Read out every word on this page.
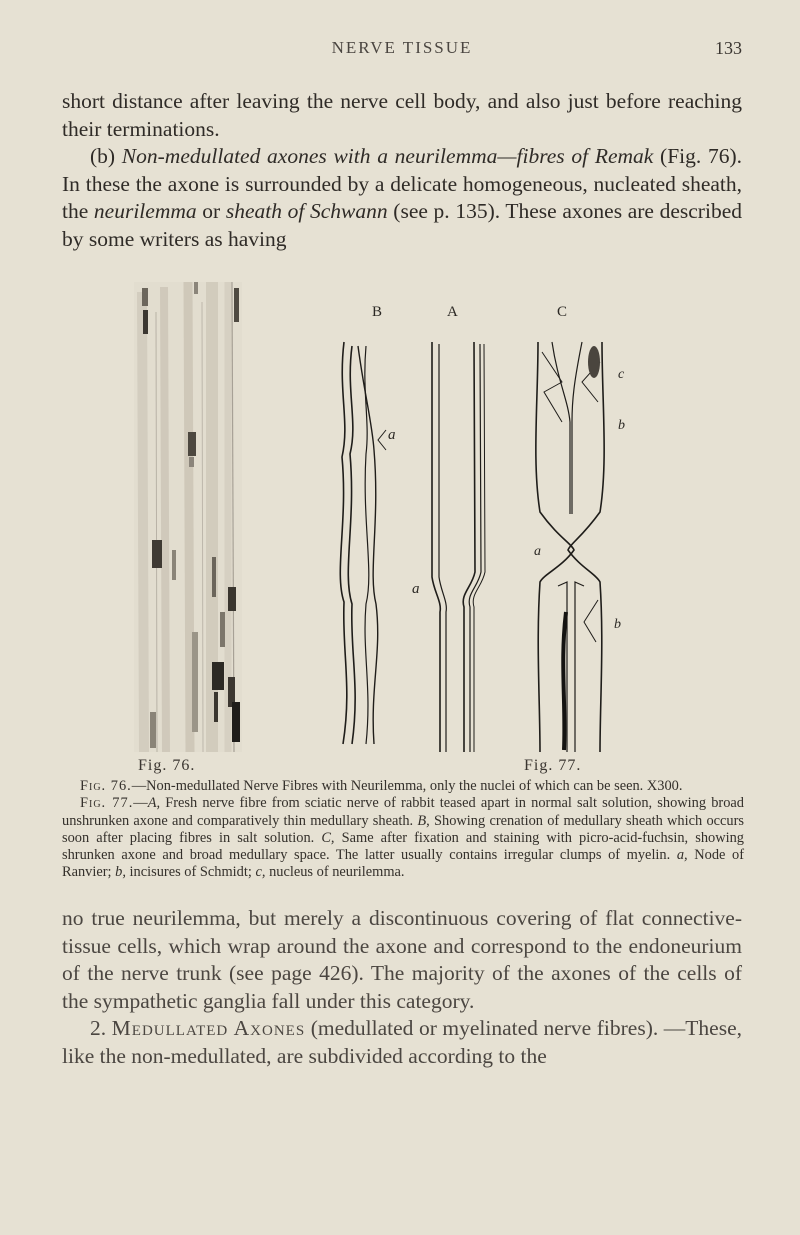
NERVE TISSUE	133

short distance after leaving the nerve cell body, and also just before reaching their terminations.

(b) Non-medullated axones with a neurilemma—fibres of Remak (Fig. 76). In these the axone is surrounded by a delicate homogeneous, nucleated sheath, the neurilemma or sheath of Schwann (see p. 135). These axones are described by some writers as having

B	A	C
a
a
c
b
a
b
Fig. 76.	Fig. 77.

Fig. 76.—Non-medullated Nerve Fibres with Neurilemma, only the nuclei of which can be seen. X300.

Fig. 77.—A, Fresh nerve fibre from sciatic nerve of rabbit teased apart in normal salt solution, showing broad unshrunken axone and comparatively thin medullary sheath. B, Showing crenation of medullary sheath which occurs soon after placing fibres in salt solution. C, Same after fixation and staining with picro-acid-fuchsin, showing shrunken axone and broad medullary space. The latter usually contains irregular clumps of myelin. a, Node of Ranvier; b, incisures of Schmidt; c, nucleus of neurilemma.

no true neurilemma, but merely a discontinuous covering of flat connective-tissue cells, which wrap around the axone and correspond to the endoneurium of the nerve trunk (see page 426). The majority of the axones of the cells of the sympathetic ganglia fall under this category.

2. Medullated Axones (medullated or myelinated nerve fibres). —These, like the non-medullated, are subdivided according to the
